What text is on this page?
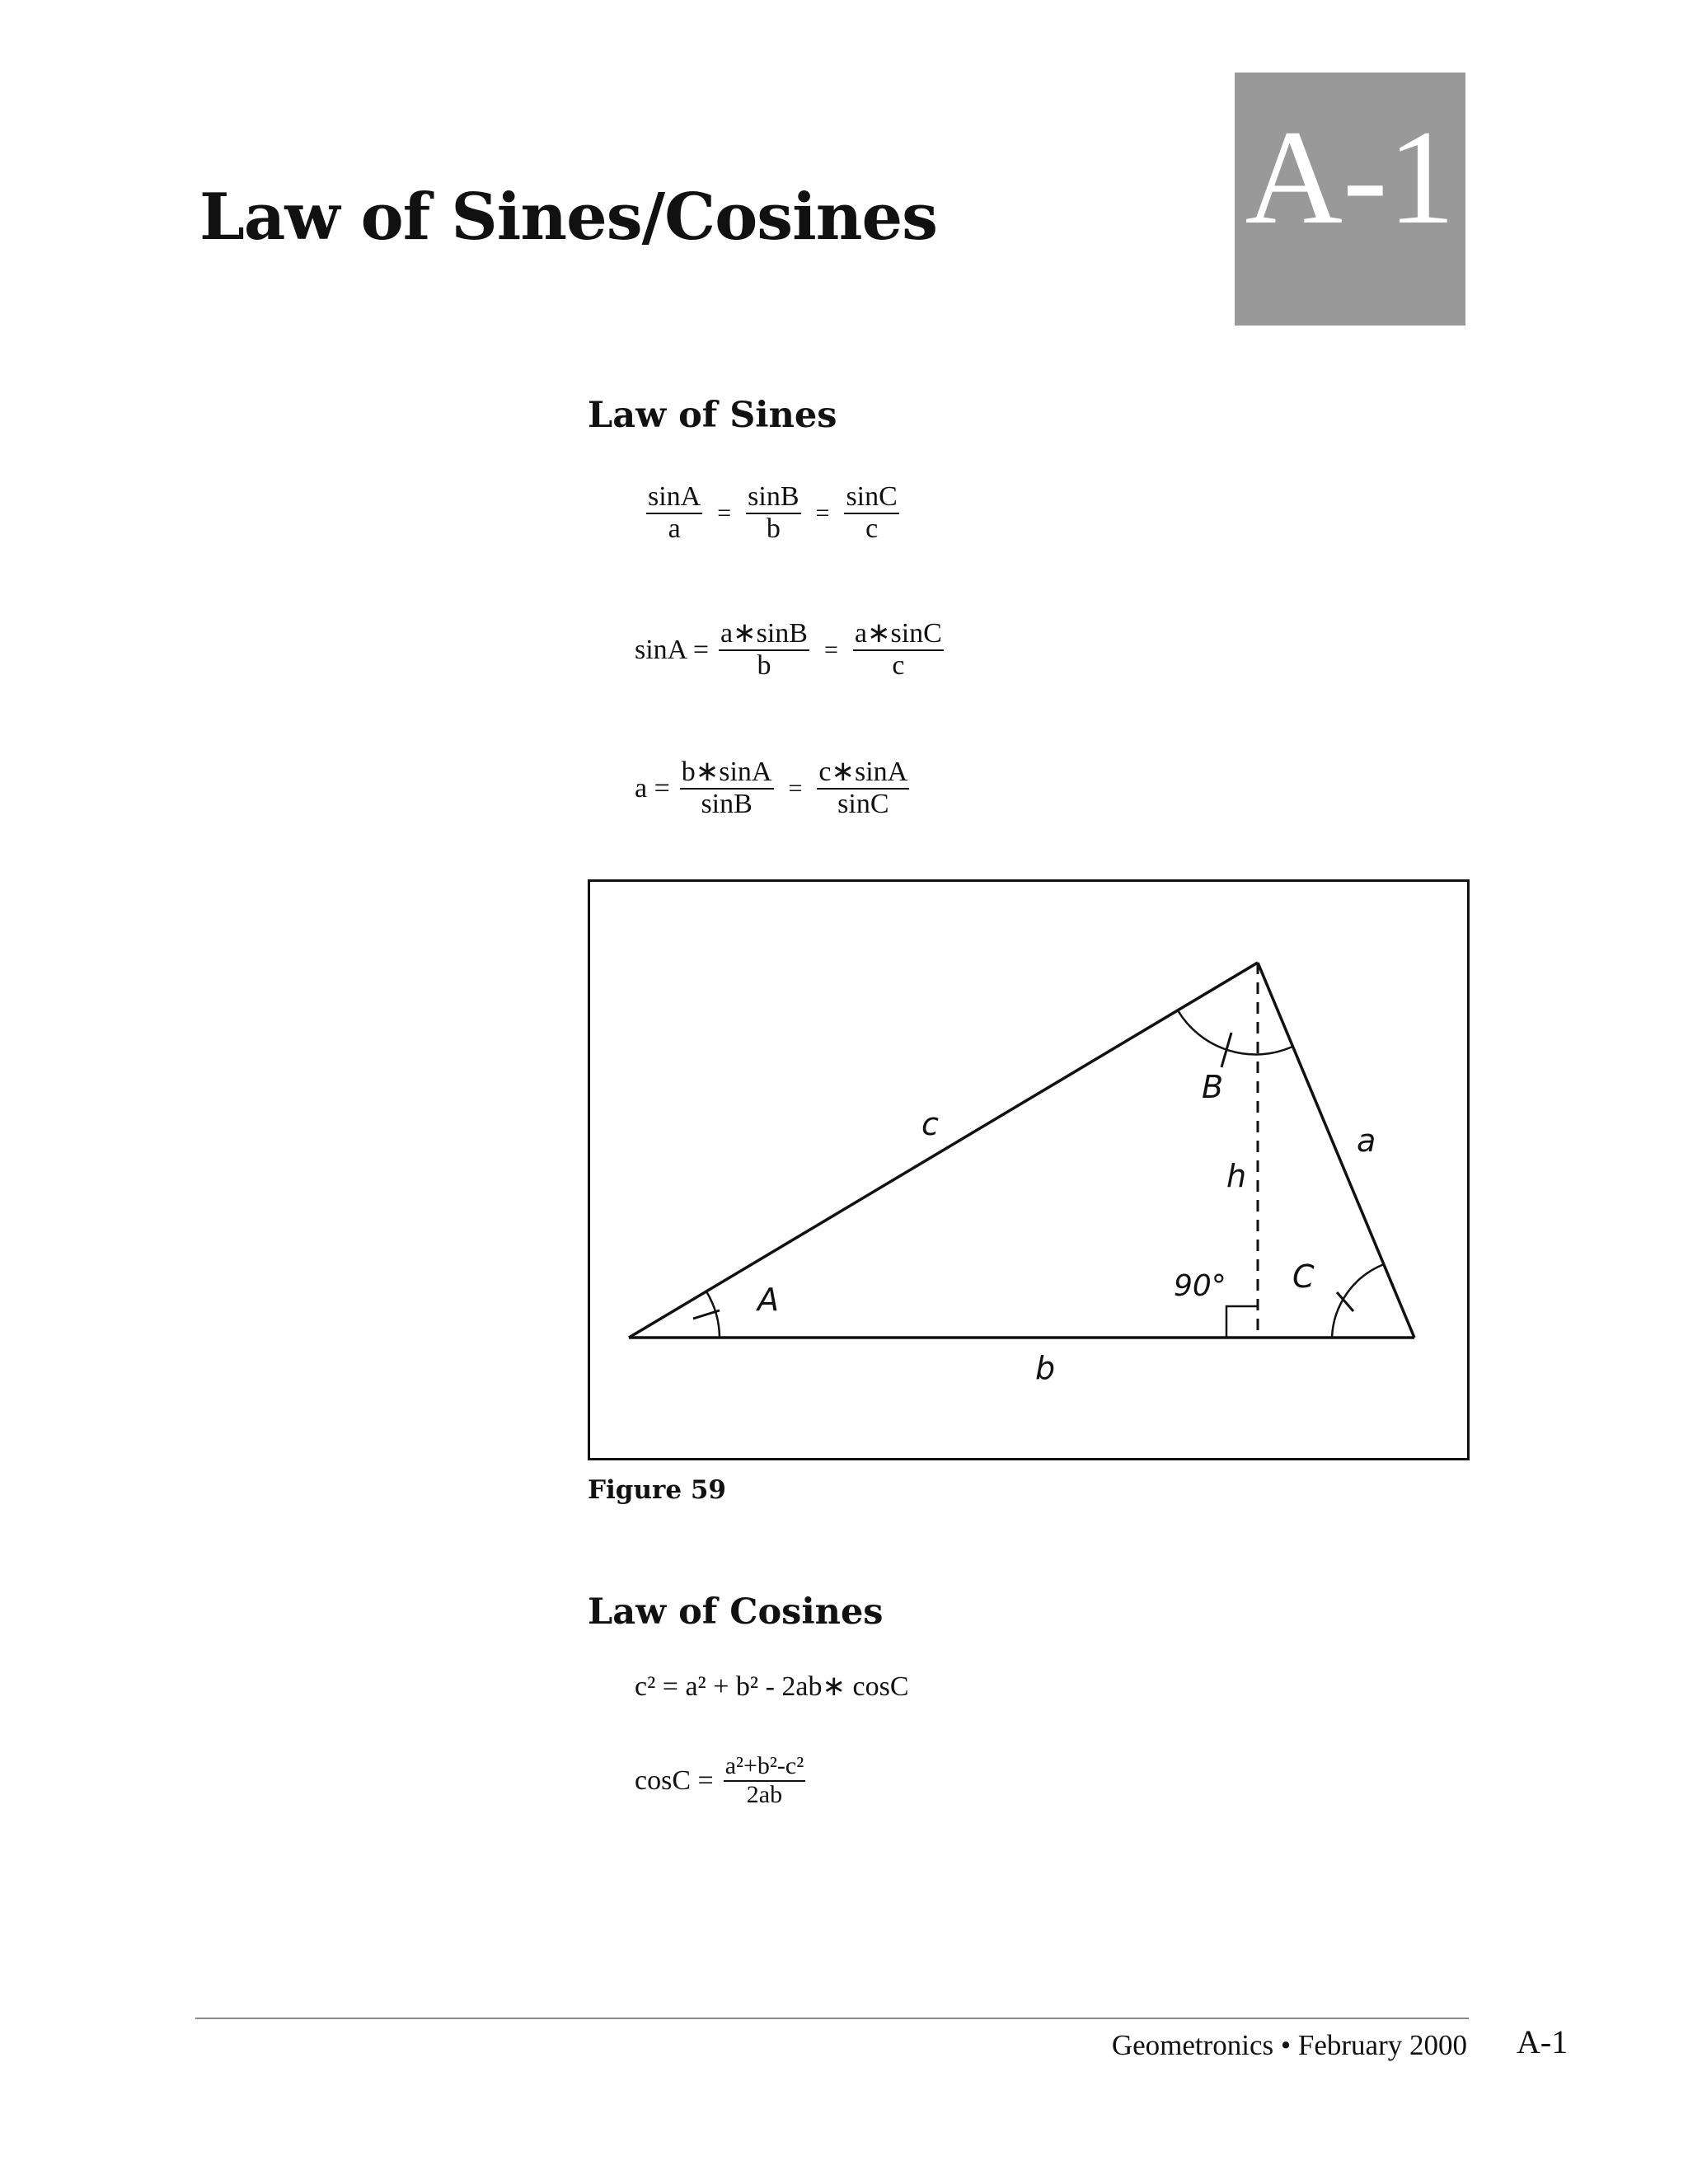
Law of Sines/Cosines A-1
Law of Sines
$\frac{\sin A}{a} = \frac{\sin B}{b} = \frac{\sin C}{c}$
$\sin A = \frac{a∗\sin B}{b} = \frac{a∗\sin C}{c}$
$a = \frac{b∗\sin A}{\sin B} = \frac{c∗\sin A}{\sin C}$
A
B
C
a
b
c
h
90°
Figure 59
Law of Cosines
c² = a² + b² - 2ab∗ cosC
$\cos C = \frac{\text{a²+b²-c²}}{2ab}$
Geometronics • February 2000 A-1
